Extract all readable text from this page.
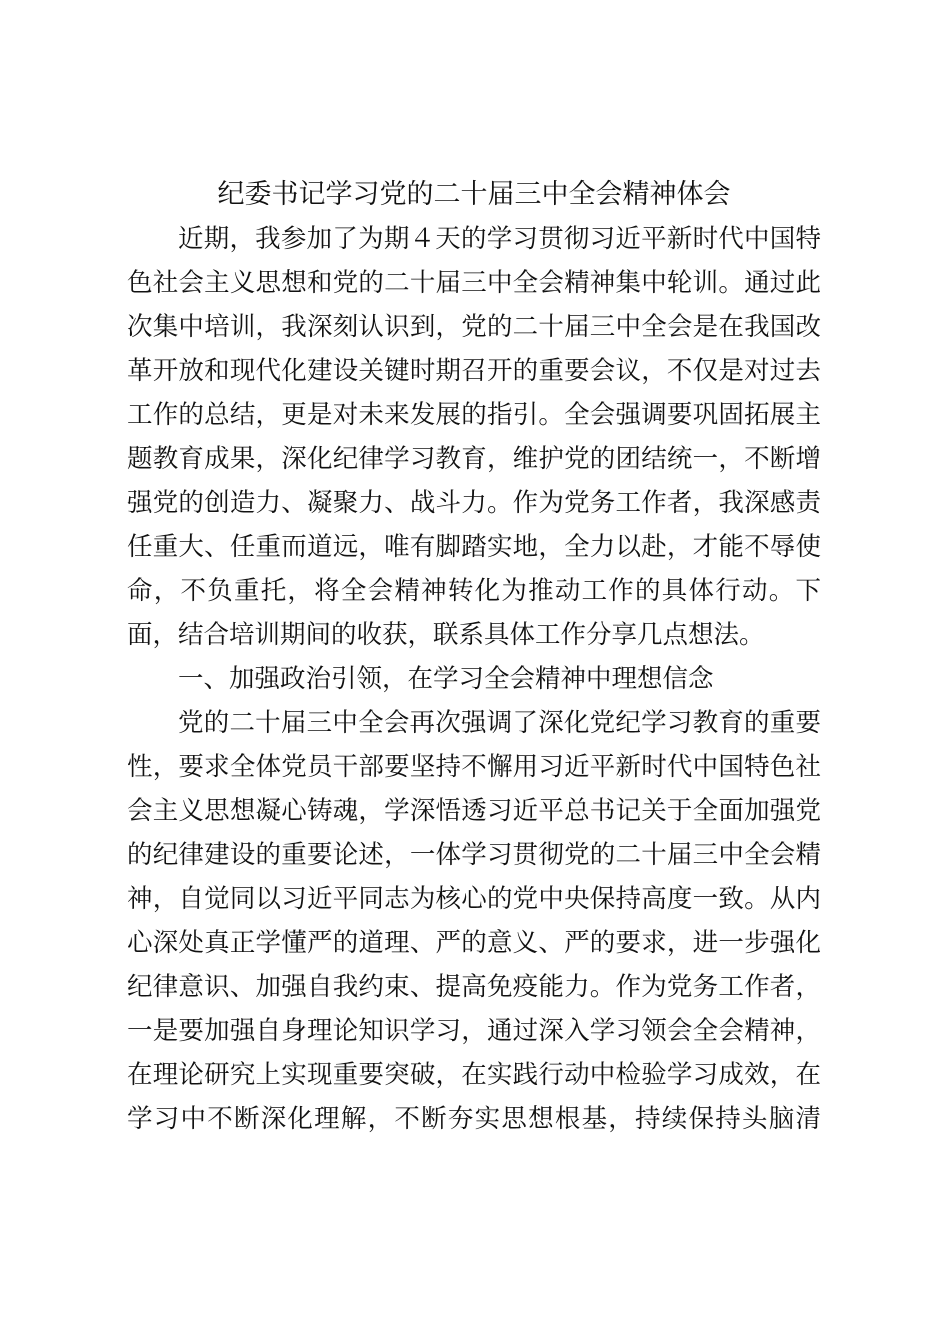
纪委书记学习党的二十届三中全会精神体会

近期，我参加了为期４天的学习贯彻习近平新时代中国特色社会主义思想和党的二十届三中全会精神集中轮训。通过此次集中培训，我深刻认识到，党的二十届三中全会是在我国改革开放和现代化建设关键时期召开的重要会议，不仅是对过去工作的总结，更是对未来发展的指引。全会强调要巩固拓展主题教育成果，深化纪律学习教育，维护党的团结统一，不断增强党的创造力、凝聚力、战斗力。作为党务工作者，我深感责任重大、任重而道远，唯有脚踏实地，全力以赴，才能不辱使命，不负重托，将全会精神转化为推动工作的具体行动。下面，结合培训期间的收获，联系具体工作分享几点想法。

一、加强政治引领，在学习全会精神中理想信念

党的二十届三中全会再次强调了深化党纪学习教育的重要性，要求全体党员干部要坚持不懈用习近平新时代中国特色社会主义思想凝心铸魂，学深悟透习近平总书记关于全面加强党的纪律建设的重要论述，一体学习贯彻党的二十届三中全会精神，自觉同以习近平同志为核心的党中央保持高度一致。从内心深处真正学懂严的道理、严的意义、严的要求，进一步强化纪律意识、加强自我约束、提高免疫能力。作为党务工作者，一是要加强自身理论知识学习，通过深入学习领会全会精神，在理论研究上实现重要突破，在实践行动中检验学习成效，在学习中不断深化理解，不断夯实思想根基，持续保持头脑清
